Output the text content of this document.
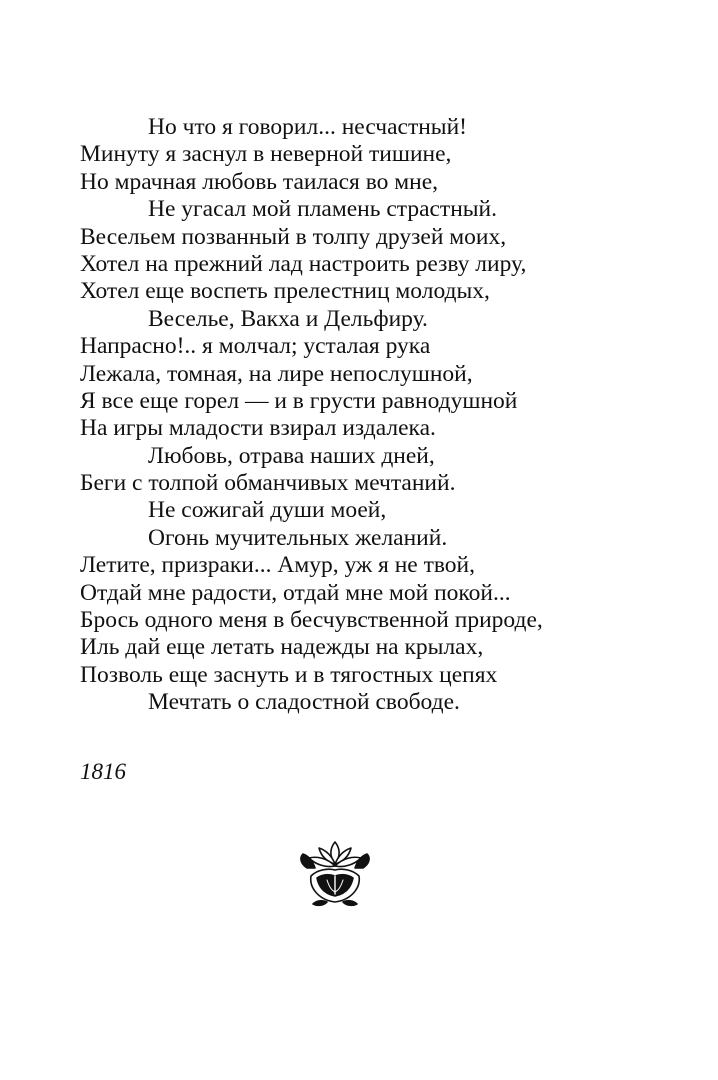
Но что я говорил... несчастный!
Минуту я заснул в неверной тишине,
Но мрачная любовь таилася во мне,
Не угасал мой пламень страстный.
Весельем позванный в толпу друзей моих,
Хотел на прежний лад настроить резву лиру,
Хотел еще воспеть прелестниц молодых,
Веселье, Вакха и Дельфиру.
Напрасно!.. я молчал; усталая рука
Лежала, томная, на лире непослушной,
Я все еще горел — и в грусти равнодушной
На игры младости взирал издалека.
Любовь, отрава наших дней,
Беги с толпой обманчивых мечтаний.
Не сожигай души моей,
Огонь мучительных желаний.
Летите, призраки... Амур, уж я не твой,
Отдай мне радости, отдай мне мой покой...
Брось одного меня в бесчувственной природе,
Иль дай еще летать надежды на крылах,
Позволь еще заснуть и в тягостных цепях
Мечтать о сладостной свободе.
1816
